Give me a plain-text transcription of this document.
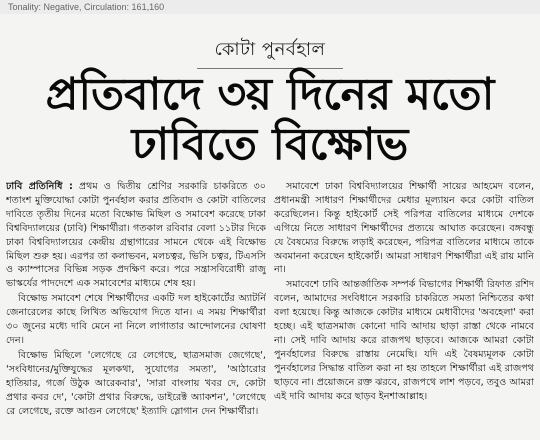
Tonality: Negative, Circulation: 161,160
কোটা পুনর্বহাল
প্রতিবাদে ৩য় দিনের মতো
ঢাবিতে বিক্ষোভ

ঢাবি প্রতিনিধি : প্রথম ও দ্বিতীয় শ্রেণির সরকারি চাকরিতে ৩০ শতাংশ মুক্তিযোদ্ধা কোটা পুনর্বহাল করার প্রতিবাদ ও কোটা বাতিলের দাবিতে তৃতীয় দিনের মতো বিক্ষোভ মিছিল ও সমাবেশ করেছে ঢাকা বিশ্ববিদ্যালয়ের (ঢাবি) শিক্ষার্থীরা। গতকাল রবিবার বেলা ১১টার দিকে ঢাকা বিশ্ববিদ্যালয়ের কেন্দ্রীয় গ্রন্থাগারের সামনে থেকে এই বিক্ষোভ মিছিল শুরু হয়। এরপর তা কলাভবন, মলচত্বর, ভিসি চত্বর, টিএসসি ও ক্যাম্পাসের বিভিন্ন সড়ক প্রদক্ষিণ করে। পরে সন্ত্রাসবিরোধী রাজু ভাস্কর্যের পাদদেশে এক সমাবেশের মাধ্যমে শেষ হয়।

বিক্ষোভ সমাবেশ শেষে শিক্ষার্থীদের একটি দল হাইকোর্টের অ্যাটর্নি জেনারেলের কাছে লিখিত অভিযোগ দিতে যান। এ সময় শিক্ষার্থীরা ৩০ জুনের মধ্যে দাবি মেনে না নিলে লাগাতার আন্দোলনের ঘোষণা দেন।

বিক্ষোভ মিছিলে 'লেগেছে রে লেগেছে, ছাত্রসমাজ জেগেছে', 'সংবিধানের/মুক্তিযুদ্ধের মূলকথা, সুযোগের সমতা', 'আঠারোর হাতিয়ার, গর্জে উঠুক আরেকবার', 'সারা বাংলায় খবর দে, কোটা প্রথার কবর দে', 'কোটা প্রথার বিরুদ্ধে, ডাইরেক্ট অ্যাকশন', 'লেগেছে রে লেগেছে, রক্তে আগুন লেগেছে' ইত্যাদি স্লোগান দেন শিক্ষার্থীরা।

সমাবেশে ঢাকা বিশ্ববিদ্যালয়ের শিক্ষার্থী সায়ের আহমেদ বলেন, প্রধানমন্ত্রী সাধারণ শিক্ষার্থীদের মেধার মূল্যায়ন করে কোটা বাতিল করেছিলেন। কিন্তু হাইকোর্ট সেই পরিপত্র বাতিলের মাধ্যমে দেশকে এগিয়ে নিতে সাধারণ শিক্ষার্থীদের প্রত্যয়ে আঘাত করেছেন। বঙ্গবন্ধু যে বৈষম্যের বিরুদ্ধে লড়াই করেছেন, পরিপত্র বাতিলের মাধ্যমে তাকে অবমাননা করেছেন হাইকোর্ট। আমরা সাধারণ শিক্ষার্থীরা এই রায় মানি না।

সমাবেশে ঢাবি আন্তর্জাতিক সম্পর্ক বিভাগের শিক্ষার্থী রিফাত রশিদ বলেন, আমাদের সংবিধানে সরকারি চাকরিতে সমতা নিশ্চিতের কথা বলা হয়েছে। কিন্তু আজকে কোটার মাধ্যমে মেধাবীদের 'অবহেলা' করা হচ্ছে। এই ছাত্রসমাজ কোনো দাবি আদায় ছাড়া রাস্তা থেকে নামবে না। সেই দাবি আদায় করে রাজপথ ছাড়বে। আজকে আমরা কোটা পুনর্বহালের বিরুদ্ধে রাস্তায় নেমেছি। যদি এই বৈষম্যমূলক কোটা পুনর্বহালের সিদ্ধান্ত বাতিল করা না হয় তাহলে শিক্ষার্থীরা এই রাজপথ ছাড়বে না। প্রয়োজনে রক্ত ঝরবে, রাজপথে লাশ পড়বে, তবুও আমরা এই দাবি আদায় করে ছাড়ব ইনশাআল্লাহ।
